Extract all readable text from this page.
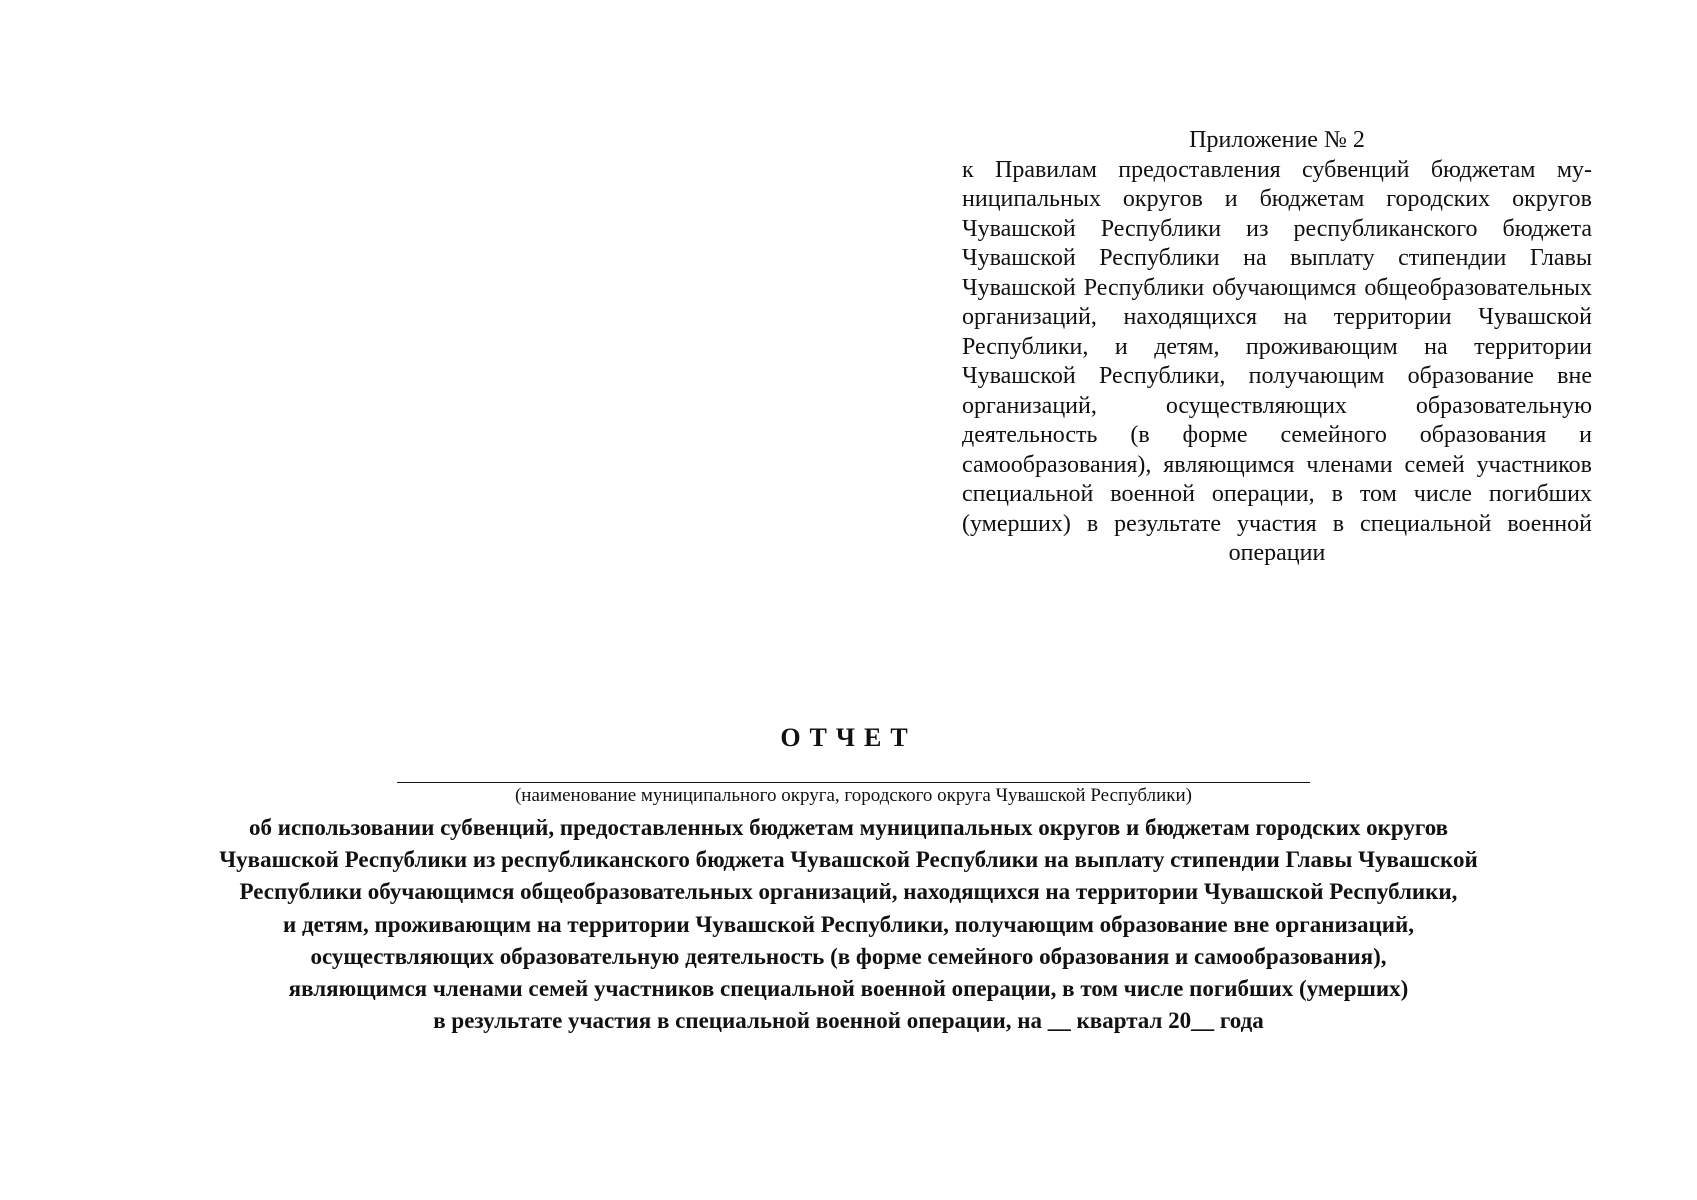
Приложение № 2
к Правилам предоставления субвенций бюджетам муниципальных округов и бюджетам городских округов Чувашской Республики из республиканского бюджета Чувашской Республики на выплату стипендии Главы Чувашской Республики обучающимся общеобразовательных организаций, находящихся на территории Чувашской Республики, и детям, проживающим на территории Чувашской Республики, получающим образование вне организаций, осуществляющих образовательную деятельность (в форме семейного образования и самообразования), являющимся членами семей участников специальной военной операции, в том числе погибших (умерших) в результате участия в специальной военной операции
ОТЧЕТ
(наименование муниципального округа, городского округа Чувашской Республики)
об использовании субвенций, предоставленных бюджетам муниципальных округов и бюджетам городских округов
Чувашской Республики из республиканского бюджета Чувашской Республики на выплату стипендии Главы Чувашской
Республики обучающимся общеобразовательных организаций, находящихся на территории Чувашской Республики,
и детям, проживающим на территории Чувашской Республики, получающим образование вне организаций,
осуществляющих образовательную деятельность (в форме семейного образования и самообразования),
являющимся членами семей участников специальной военной операции, в том числе погибших (умерших)
в результате участия в специальной военной операции, на __ квартал 20__ года
